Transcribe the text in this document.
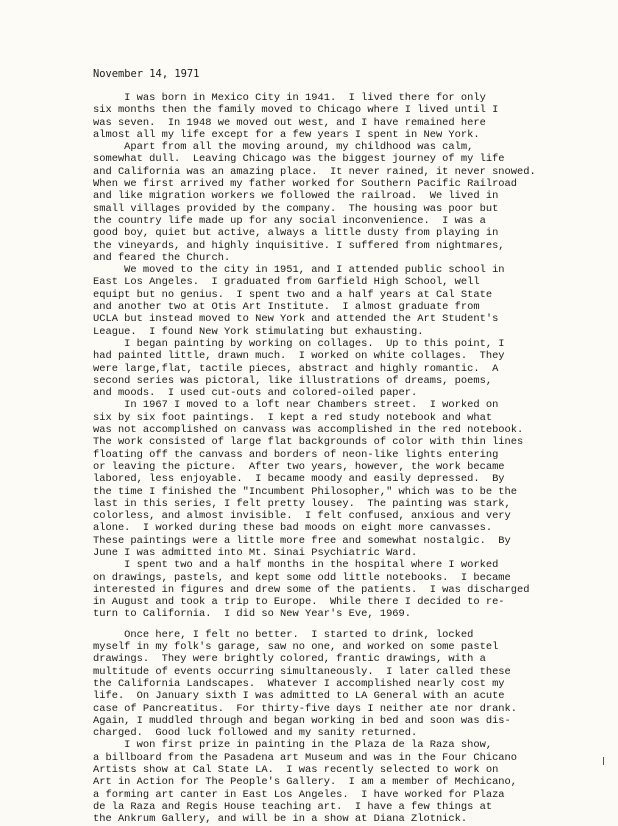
November 14, 1971
I was born in Mexico City in 1941.  I lived there for only
six months then the family moved to Chicago where I lived until I
was seven.  In 1948 we moved out west, and I have remained here
almost all my life except for a few years I spent in New York.
Apart from all the moving around, my childhood was calm,
somewhat dull.  Leaving Chicago was the biggest journey of my life
and California was an amazing place.  It never rained, it never snowed.
When we first arrived my father worked for Southern Pacific Railroad
and like migration workers we followed the railroad.  We lived in
small villages provided by the company.  The housing was poor but
the country life made up for any social inconvenience.  I was a
good boy, quiet but active, always a little dusty from playing in
the vineyards, and highly inquisitive. I suffered from nightmares,
and feared the Church.
We moved to the city in 1951, and I attended public school in
East Los Angeles.  I graduated from Garfield High School, well
equipt but no genius.  I spent two and a half years at Cal State
and another two at Otis Art Institute.  I almost graduate from
UCLA but instead moved to New York and attended the Art Student's
League.  I found New York stimulating but exhausting.
I began painting by working on collages.  Up to this point, I
had painted little, drawn much.  I worked on white collages.  They
were large,flat, tactile pieces, abstract and highly romantic.  A
second series was pictoral, like illustrations of dreams, poems,
and moods.  I used cut-outs and colored-oiled paper.
In 1967 I moved to a loft near Chambers street.  I worked on
six by six foot paintings.  I kept a red study notebook and what
was not accomplished on canvass was accomplished in the red notebook.
The work consisted of large flat backgrounds of color with thin lines
floating off the canvass and borders of neon-like lights entering
or leaving the picture.  After two years, however, the work became
labored, less enjoyable.  I became moody and easily depressed.  By
the time I finished the "Incumbent Philosopher," which was to be the
last in this series, I felt pretty lousey.  The painting was stark,
colorless, and almost invisible.  I felt confused, anxious and very
alone.  I worked during these bad moods on eight more canvasses.
These paintings were a little more free and somewhat nostalgic.  By
June I was admitted into Mt. Sinai Psychiatric Ward.
I spent two and a half months in the hospital where I worked
on drawings, pastels, and kept some odd little notebooks.  I became
interested in figures and drew some of the patients.  I was discharged
in August and took a trip to Europe.  While there I decided to re-
turn to California.  I did so New Year's Eve, 1969.
Once here, I felt no better.  I started to drink, locked
myself in my folk's garage, saw no one, and worked on some pastel
drawings.  They were brightly colored, frantic drawings, with a
multitude of events occurring simultaneously.  I later called these
the California Landscapes.  Whatever I accomplished nearly cost my
life.  On January sixth I was admitted to LA General with an acute
case of Pancreatitus.  For thirty-five days I neither ate nor drank.
Again, I muddled through and began working in bed and soon was dis-
charged.  Good luck followed and my sanity returned.
I won first prize in painting in the Plaza de la Raza show,
a billboard from the Pasadena art Museum and was in the Four Chicano
Artists show at Cal State LA.  I was recently selected to work on
Art in Action for The People's Gallery.  I am a member of Mechicano,
a forming art canter in East Los Angeles.  I have worked for Plaza
de la Raza and Regis House teaching art.  I have a few things at
the Ankrum Gallery, and will be in a show at Diana Zlotnick.
